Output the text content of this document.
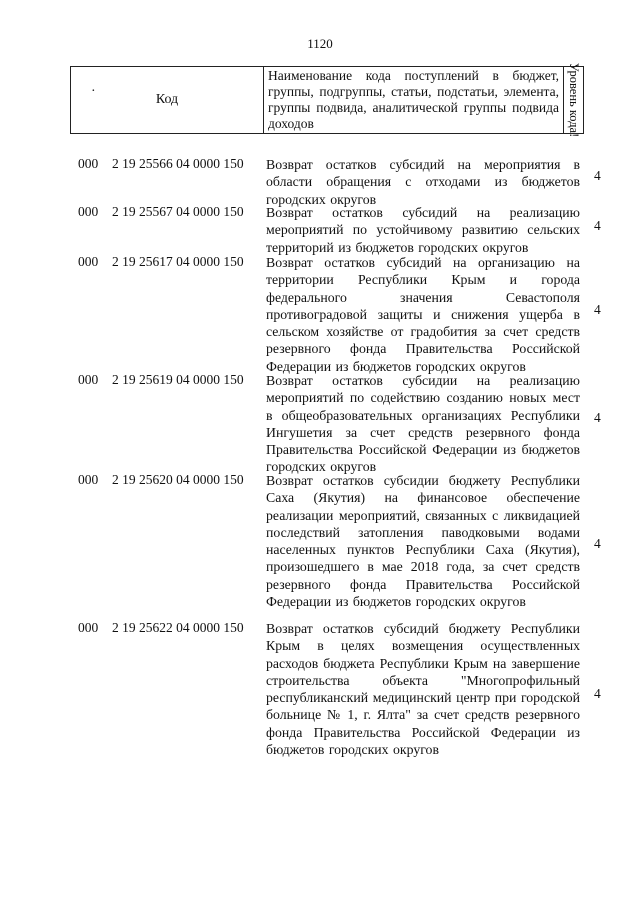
1120
·
Код
Наименование кода поступлений в бюджет, группы, подгруппы, статьи, подстатьи, элемента, группы подвида, аналитической группы подвида доходов	Уровень кода!
000 2 19 25566 04 0000 150 Возврат остатков субсидий на мероприятия в области обращения с отходами из бюджетов городских округов
4
000 2 19 25567 04 0000 150 Возврат остатков субсидий на реализацию мероприятий по устойчивому развитию сельских территорий из бюджетов городских округов
4
000 2 19 25617 04 0000 150 Возврат остатков субсидий на организацию на территории Республики Крым и города федерального значения Севастополя противоградовой защиты и снижения ущерба в сельском хозяйстве от градобития за счет средств резервного фонда Правительства Российской Федерации из бюджетов городских округов
4
000 2 19 25619 04 0000 150 Возврат остатков субсидии на реализацию мероприятий по содействию созданию новых мест в общеобразовательных организациях Республики Ингушетия за счет средств резервного фонда Правительства Российской Федерации из бюджетов городских округов
4
000 2 19 25620 04 0000 150 Возврат остатков субсидии бюджету Республики Саха (Якутия) на финансовое обеспечение реализации мероприятий, связанных с ликвидацией последствий затопления паводковыми водами населенных пунктов Республики Саха (Якутия), произошедшего в мае 2018 года, за счет средств резервного фонда Правительства Российской Федерации из бюджетов городских округов
4
000 2 19 25622 04 0000 150 Возврат остатков субсидий бюджету Республики Крым в целях возмещения осуществленных расходов бюджета Республики Крым на завершение строительства объекта "Многопрофильный республиканский медицинский центр при городской больнице № 1, г. Ялта" за счет средств резервного фонда Правительства Российской Федерации из бюджетов городских округов
4
